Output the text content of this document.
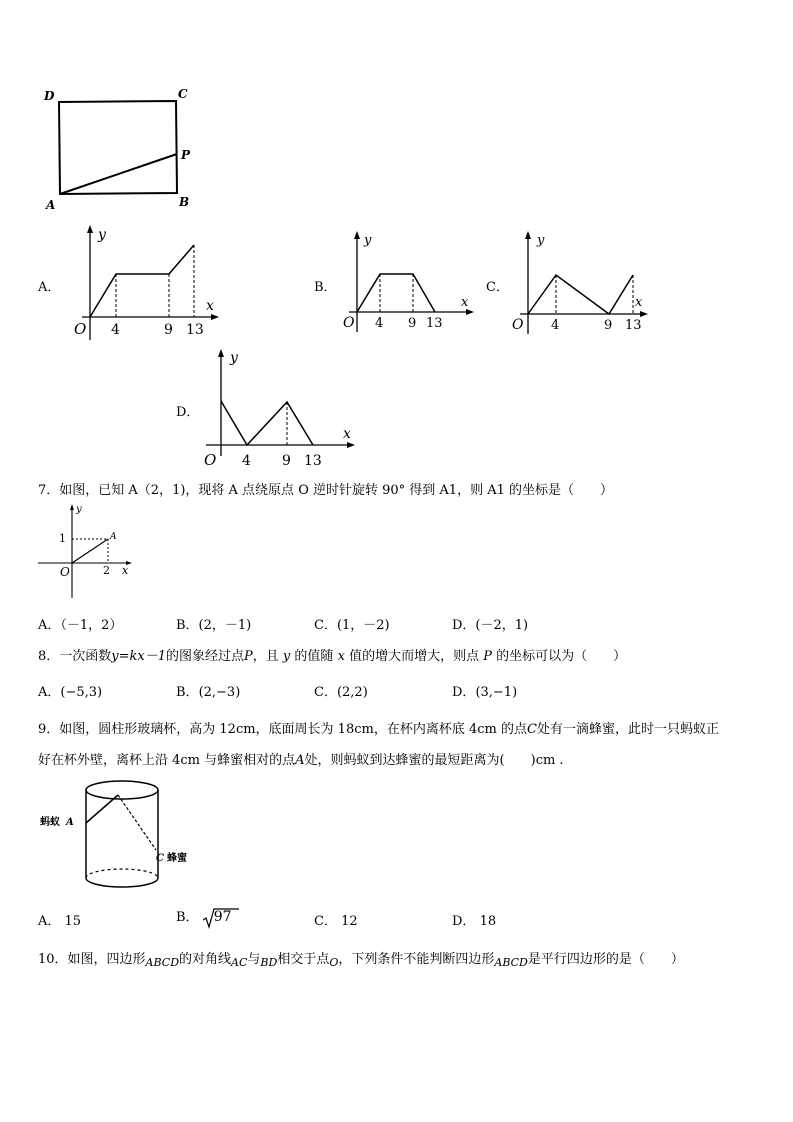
D	C
P
A	B
A．
y
x
O 4	9 13
B．
y
x
O 4 9 13
C．
y
x
O 4	9 13
D．
y
x
O 4 9 13
7．如图，已知 A（2，1)，现将 A 点绕原点 O 逆时针旋转 90° 得到 A1，则 A1 的坐标是（　　）
y
x
1
2
O
A
A．（－1，2）	B．(2，－1)	C．(1，－2)	D．(－2，1)
8．一次函数y=kx－1的图象经过点P，且 y 的值随 x 值的增大而增大，则点 P 的坐标可以为（　　）
A．(−5,3)	B．(2,−3)	C．(2,2)	D．(3,−1)
9．如图，圆柱形玻璃杯，高为 12cm，底面周长为 18cm，在杯内离杯底 4cm 的点C处有一滴蜂蜜，此时一只蚂蚁正
好在杯外壁，离杯上沿 4cm 与蜂蜜相对的点A处，则蚂蚁到达蜂蜜的最短距离为(　　)cm .
蚂蚁 A
C 蜂蜜
A． 15	B． 97	C． 12	D． 18
10．如图，四边形$_{ABCD}$的对角线$_{AC}$与$_{BD}$相交于点$_O$，下列条件不能判断四边形$_{ABCD}$是平行四边形的是（　　）
